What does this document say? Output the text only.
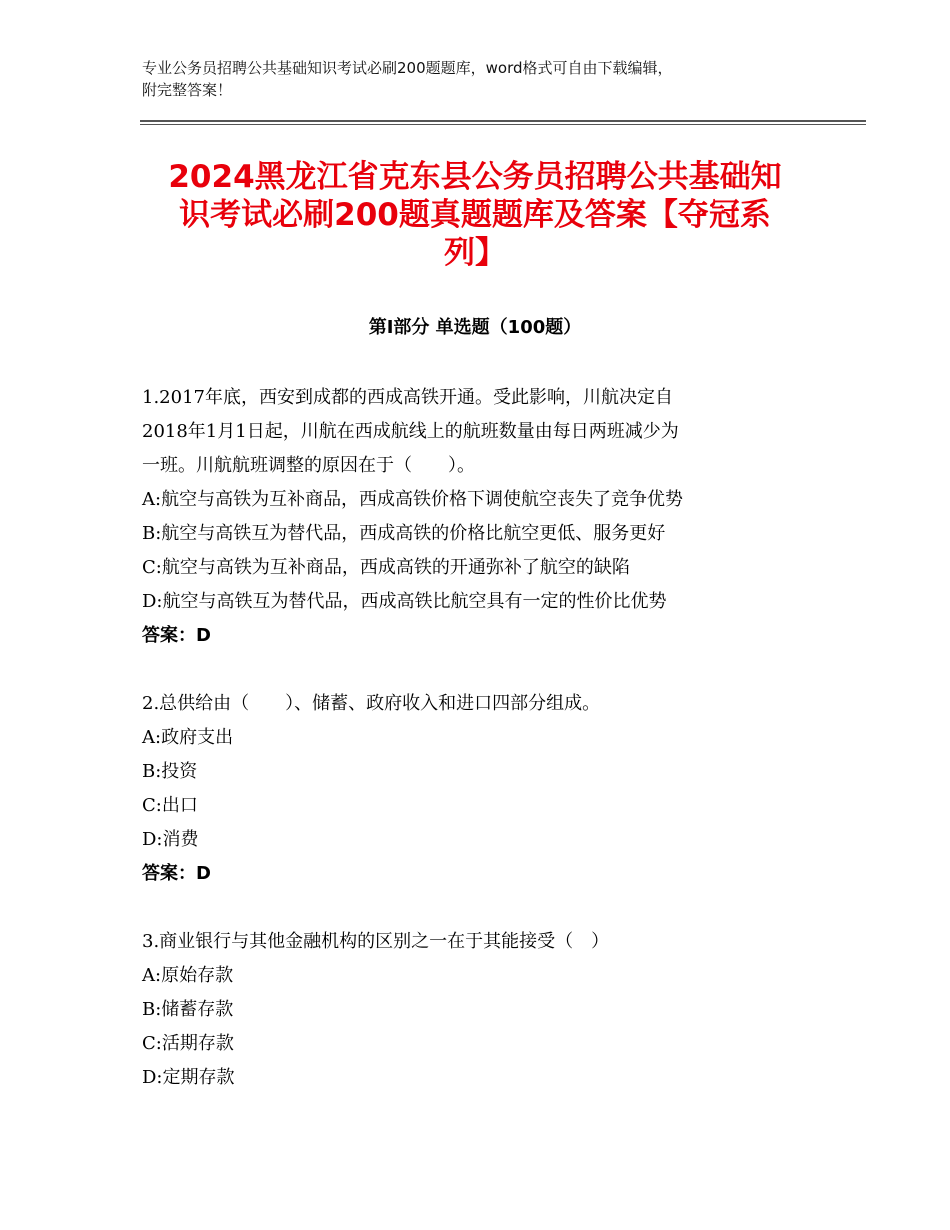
专业公务员招聘公共基础知识考试必刷200题题库，word格式可自由下载编辑，
附完整答案！
2024黑龙江省克东县公务员招聘公共基础知
识考试必刷200题真题题库及答案【夺冠系
列】
第Ⅰ部分 单选题（100题）
1.2017年底，西安到成都的西成高铁开通。受此影响，川航决定自
2018年1月1日起，川航在西成航线上的航班数量由每日两班减少为
一班。川航航班调整的原因在于（　　）。
A:航空与高铁为互补商品，西成高铁价格下调使航空丧失了竞争优势
B:航空与高铁互为替代品，西成高铁的价格比航空更低、服务更好
C:航空与高铁为互补商品，西成高铁的开通弥补了航空的缺陷
D:航空与高铁互为替代品，西成高铁比航空具有一定的性价比优势
答案：D
2.总供给由（　　）、储蓄、政府收入和进口四部分组成。
A:政府支出
B:投资
C:出口
D:消费
答案：D
3.商业银行与其他金融机构的区别之一在于其能接受（　）
A:原始存款
B:储蓄存款
C:活期存款
D:定期存款
